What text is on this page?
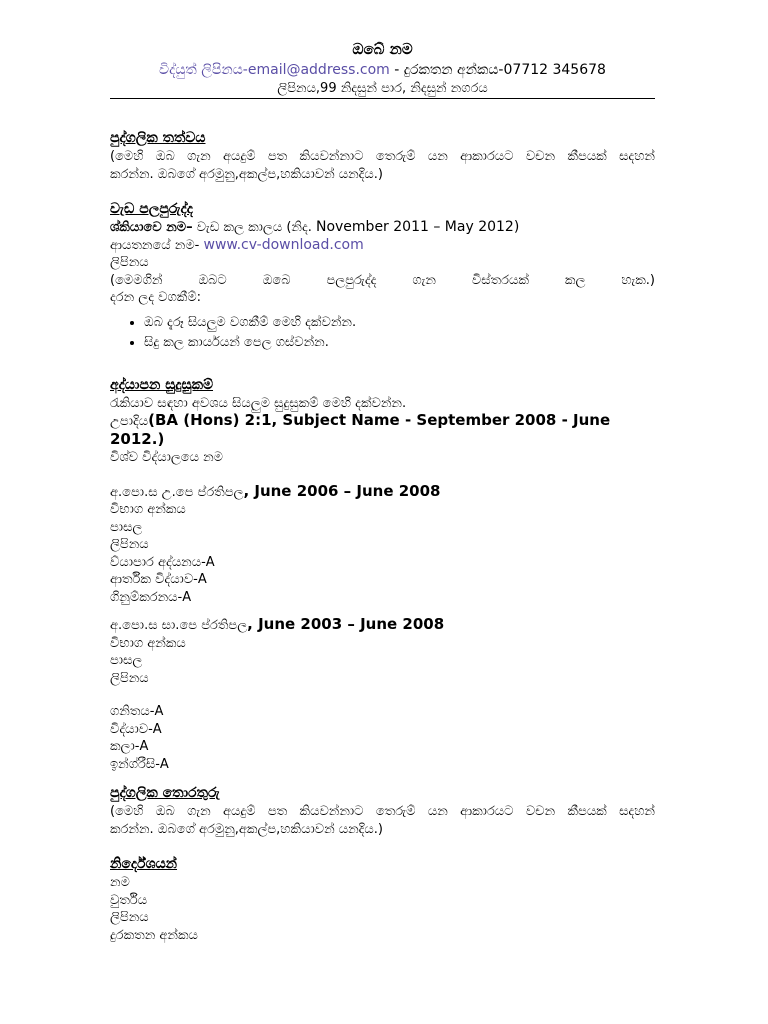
ඔබේ නම
විද්යුත් ලිපිනය-email@address.com - දුරකතන අන්කය-07712 345678
ලිපිනය,99 නිදසුන් පාර, නිදසුන් නගරය
පුද්ගලික තත්වය
(මෙහි ඔබ ගැන අයදුම් පත කියවන්නාට තෙරුම් යන ආකාරයට වචන කීපයක් සදහන්
කරන්න. ඔබගේ අරමුනු,අකල්ප,හකියාවන් යනදිය.)
වැඩ පලපුරුද්ද
ශ්කියාවෙ නම– වැඩ කල කාලය (නිද. November 2011 – May 2012)
ආයතනයේ නම- www.cv-download.com
ලිපිනය
(මෙමගින් ඔබට ඔබෙ පලපුරුද්ද ගැන විස්තරයක් කල හැක.)
දරන ලද වගකීම්:
• ඔබ දැරූ සියලුම වගකීම් මෙහි දක්වන්න.
• සිදු කල කාර්යයන් පෙල ගස්වන්න.
අද්යාපන සුදුසුකම්
රැකියාව සඳහා අවශය සියලුම සුදුසුකම් මෙහි දක්වන්න.
උපාදිය(BA (Hons) 2:1, Subject Name - September 2008 - June 2012.)
විශ්ව විද්යාලයෙ නම
අ.පො.ස උ.පෙ ප්රතිපල, June 2006 – June 2008
විභාග අන්කය
පාසල
ලිපිනය
ව්යාපාර අද්යනය-A
ආර්තික විද්යාව-A
ගිනුම්කරනය-A
අ.පො.ස සා.පෙ ප්රතිපල, June 2003 – June 2008
විභාග අන්කය
පාසල
ලිපිනය
ගනිතය-A
විද්යාව-A
කලා-A
ඉන්ග්රීසි-A
පුද්ගලික තොරතුරු
(මෙහි ඔබ ගැන අයදුම් පත කියවන්නාට තෙරුම් යන ආකාරයට වචන කීපයක් සදහන්
කරන්න. ඔබගේ අරමුනු,අකල්ප,හකියාවන් යනදිය.)
නිර්දේශයන්
නම
වුර්තිය
ලිපිනය
දුරකතන අන්කය
